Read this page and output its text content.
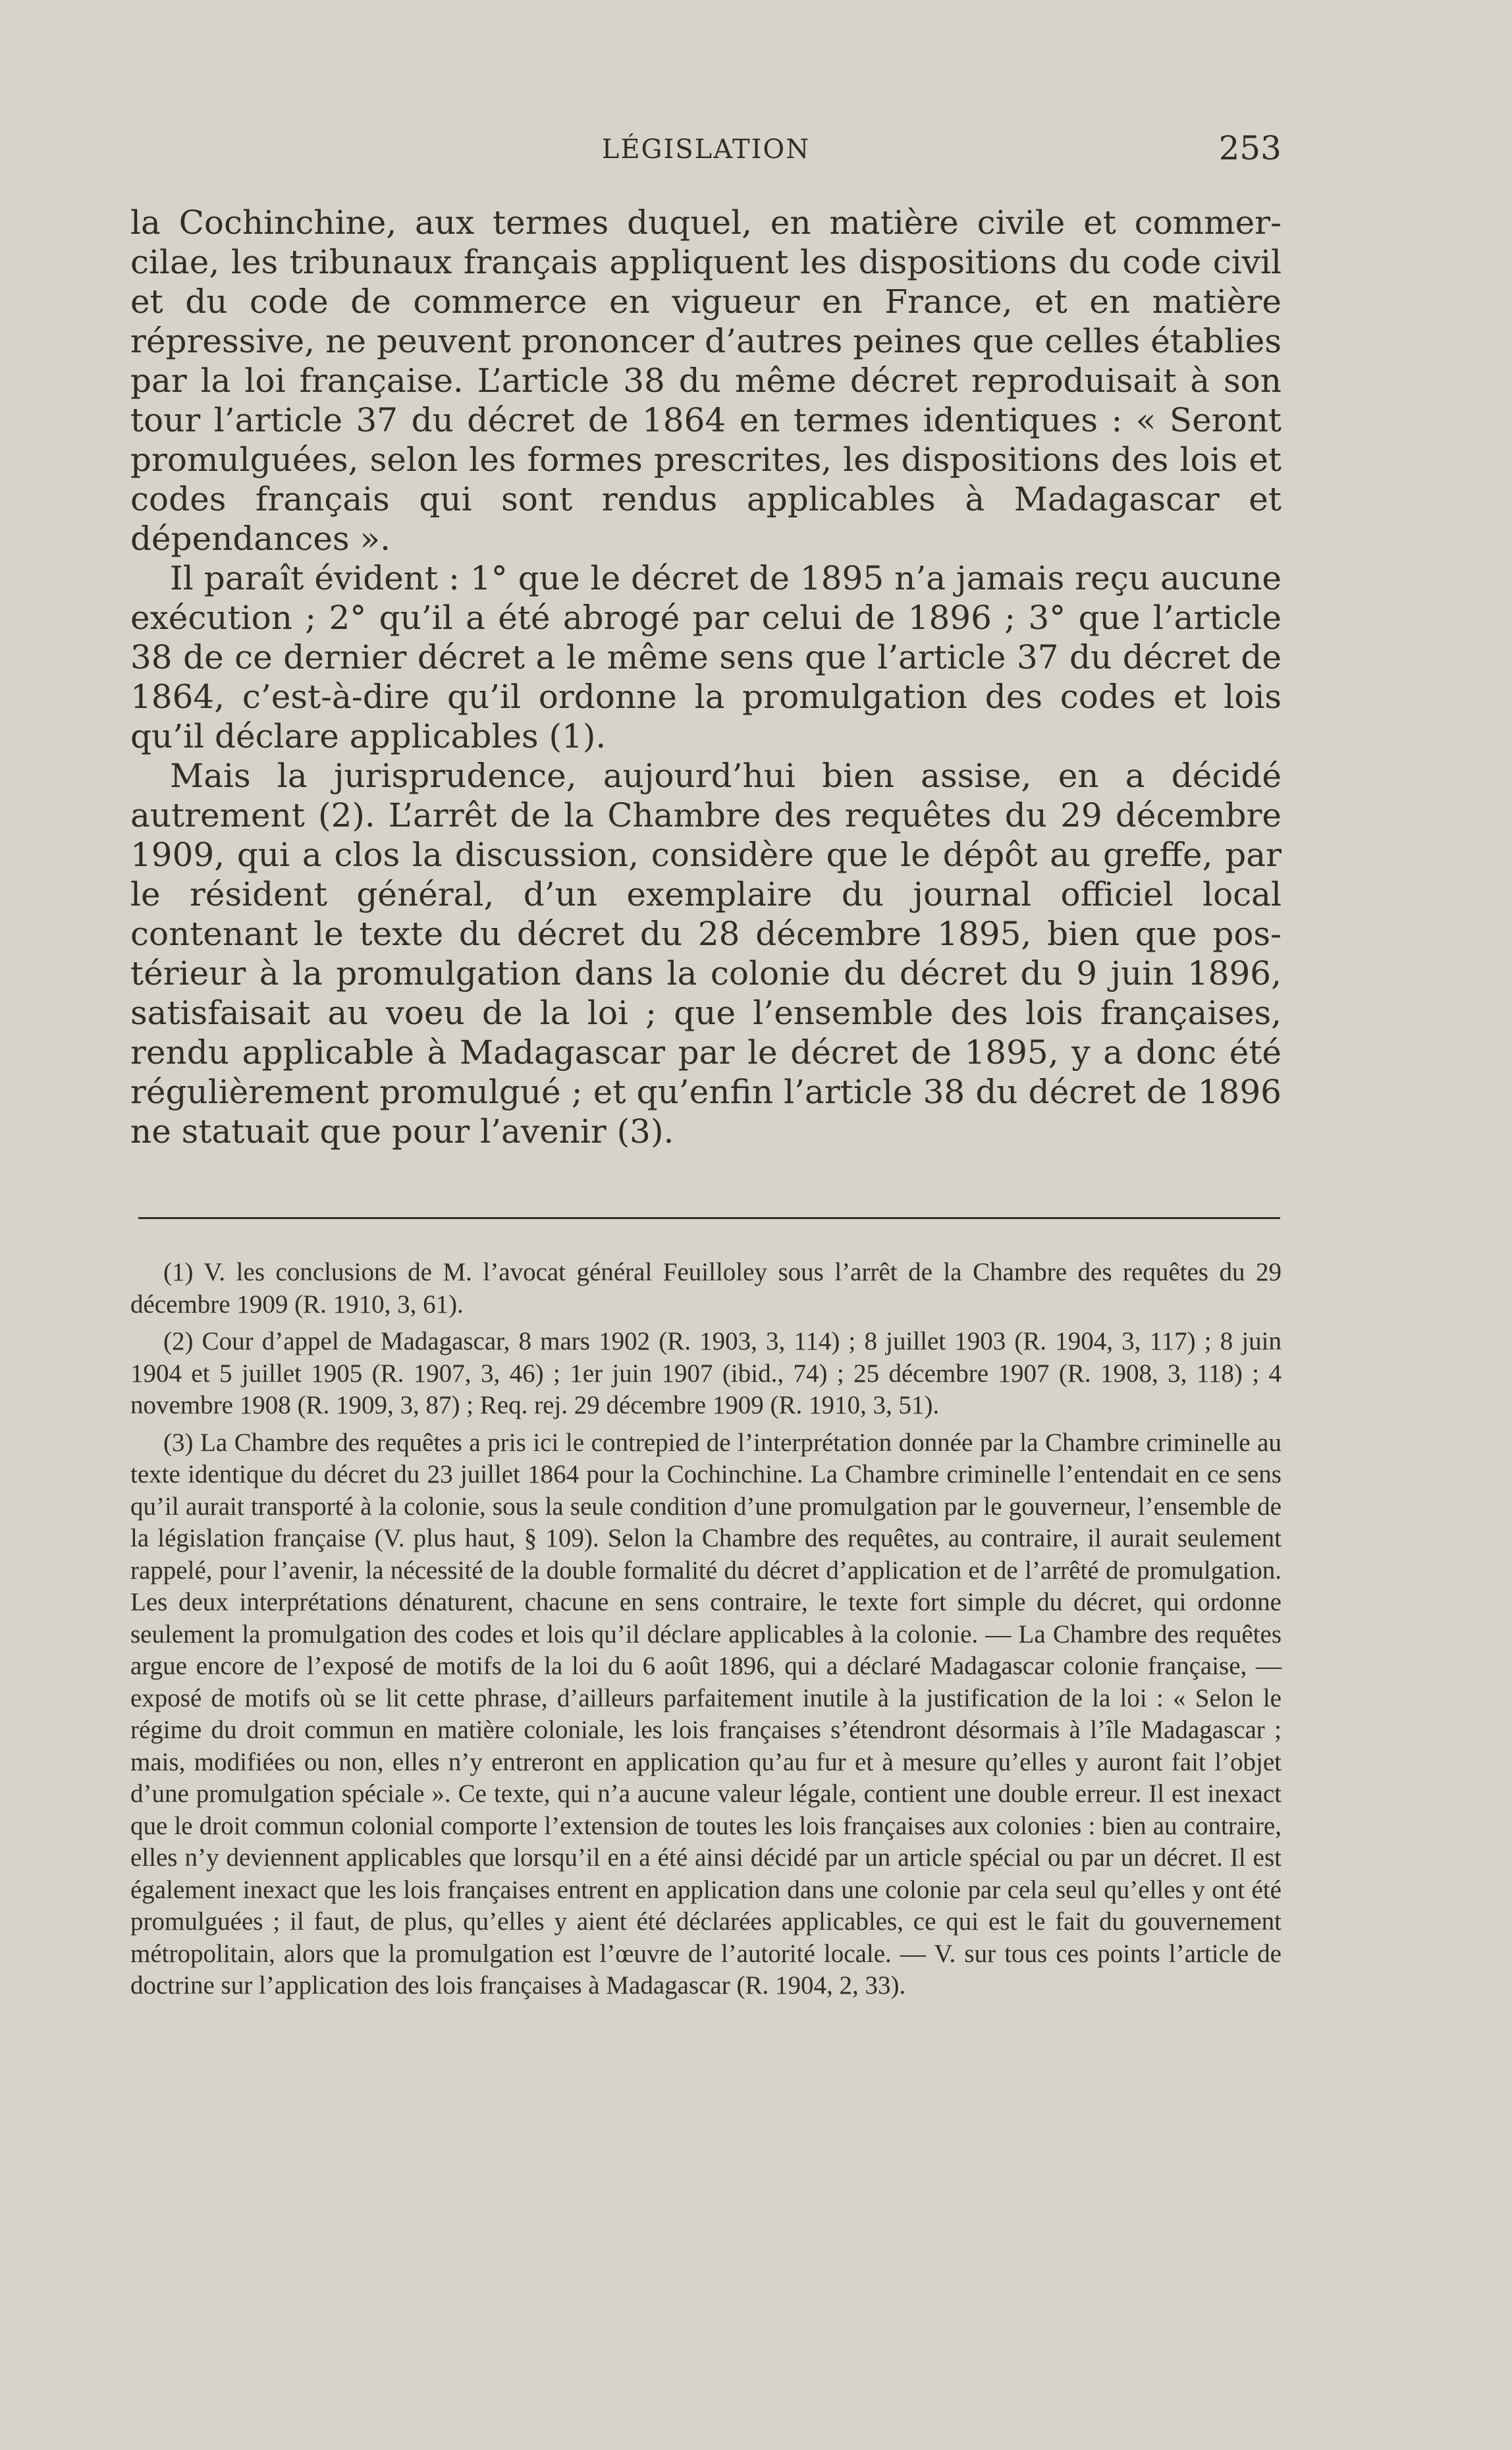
LÉGISLATION	253

la Cochinchine, aux termes duquel, en matière civile et commercilae, les tribunaux français appliquent les dispositions du code civil et du code de commerce en vigueur en France, et en matière répressive, ne peuvent prononcer d’autres peines que celles établies par la loi française. L’article 38 du même décret reproduisait à son tour l’article 37 du décret de 1864 en termes identiques : « Seront promulguées, selon les formes prescrites, les dispositions des lois et codes français qui sont rendus applicables à Madagascar et dépendances ».

Il paraît évident : 1° que le décret de 1895 n’a jamais reçu aucune exécution ; 2° qu’il a été abrogé par celui de 1896 ; 3° que l’article 38 de ce dernier décret a le même sens que l’article 37 du décret de 1864, c’est-à-dire qu’il ordonne la promulgation des codes et lois qu’il déclare applicables (1).

Mais la jurisprudence, aujourd’hui bien assise, en a décidé autrement (2). L’arrêt de la Chambre des requêtes du 29 décembre 1909, qui a clos la discussion, considère que le dépôt au greffe, par le résident général, d’un exemplaire du journal officiel local contenant le texte du décret du 28 décembre 1895, bien que postérieur à la promulgation dans la colonie du décret du 9 juin 1896, satisfaisait au voeu de la loi ; que l’ensemble des lois françaises, rendu applicable à Madagascar par le décret de 1895, y a donc été régulièrement promulgué ; et qu’enfin l’article 38 du décret de 1896 ne statuait que pour l’avenir (3).

(1) V. les conclusions de M. l’avocat général Feuilloley sous l’arrêt de la Chambre des requêtes du 29 décembre 1909 (R. 1910, 3, 61).

(2) Cour d’appel de Madagascar, 8 mars 1902 (R. 1903, 3, 114) ; 8 juillet 1903 (R. 1904, 3, 117) ; 8 juin 1904 et 5 juillet 1905 (R. 1907, 3, 46) ; 1er juin 1907 (ibid., 74) ; 25 décembre 1907 (R. 1908, 3, 118) ; 4 novembre 1908 (R. 1909, 3, 87) ; Req. rej. 29 décembre 1909 (R. 1910, 3, 51).

(3) La Chambre des requêtes a pris ici le contrepied de l’interprétation donnée par la Chambre criminelle au texte identique du décret du 23 juillet 1864 pour la Cochinchine. La Chambre criminelle l’entendait en ce sens qu’il aurait transporté à la colonie, sous la seule condition d’une promulgation par le gouverneur, l’ensemble de la législation française (V. plus haut, § 109). Selon la Chambre des requêtes, au contraire, il aurait seulement rappelé, pour l’avenir, la nécessité de la double formalité du décret d’application et de l’arrêté de promulgation. Les deux interprétations dénaturent, chacune en sens contraire, le texte fort simple du décret, qui ordonne seulement la promulgation des codes et lois qu’il déclare applicables à la colonie. — La Chambre des requêtes argue encore de l’exposé de motifs de la loi du 6 août 1896, qui a déclaré Madagascar colonie française, — exposé de motifs où se lit cette phrase, d’ailleurs parfaitement inutile à la justification de la loi : « Selon le régime du droit commun en matière coloniale, les lois françaises s’étendront désormais à l’île Madagascar ; mais, modifiées ou non, elles n’y entreront en application qu’au fur et à mesure qu’elles y auront fait l’objet d’une promulgation spéciale ». Ce texte, qui n’a aucune valeur légale, contient une double erreur. Il est inexact que le droit commun colonial comporte l’extension de toutes les lois françaises aux colonies : bien au contraire, elles n’y deviennent applicables que lorsqu’il en a été ainsi décidé par un article spécial ou par un décret. Il est également inexact que les lois françaises entrent en application dans une colonie par cela seul qu’elles y ont été promulguées ; il faut, de plus, qu’elles y aient été déclarées applicables, ce qui est le fait du gouvernement métropolitain, alors que la promulgation est l’œuvre de l’autorité locale. — V. sur tous ces points l’article de doctrine sur l’application des lois françaises à Madagascar (R. 1904, 2, 33).
